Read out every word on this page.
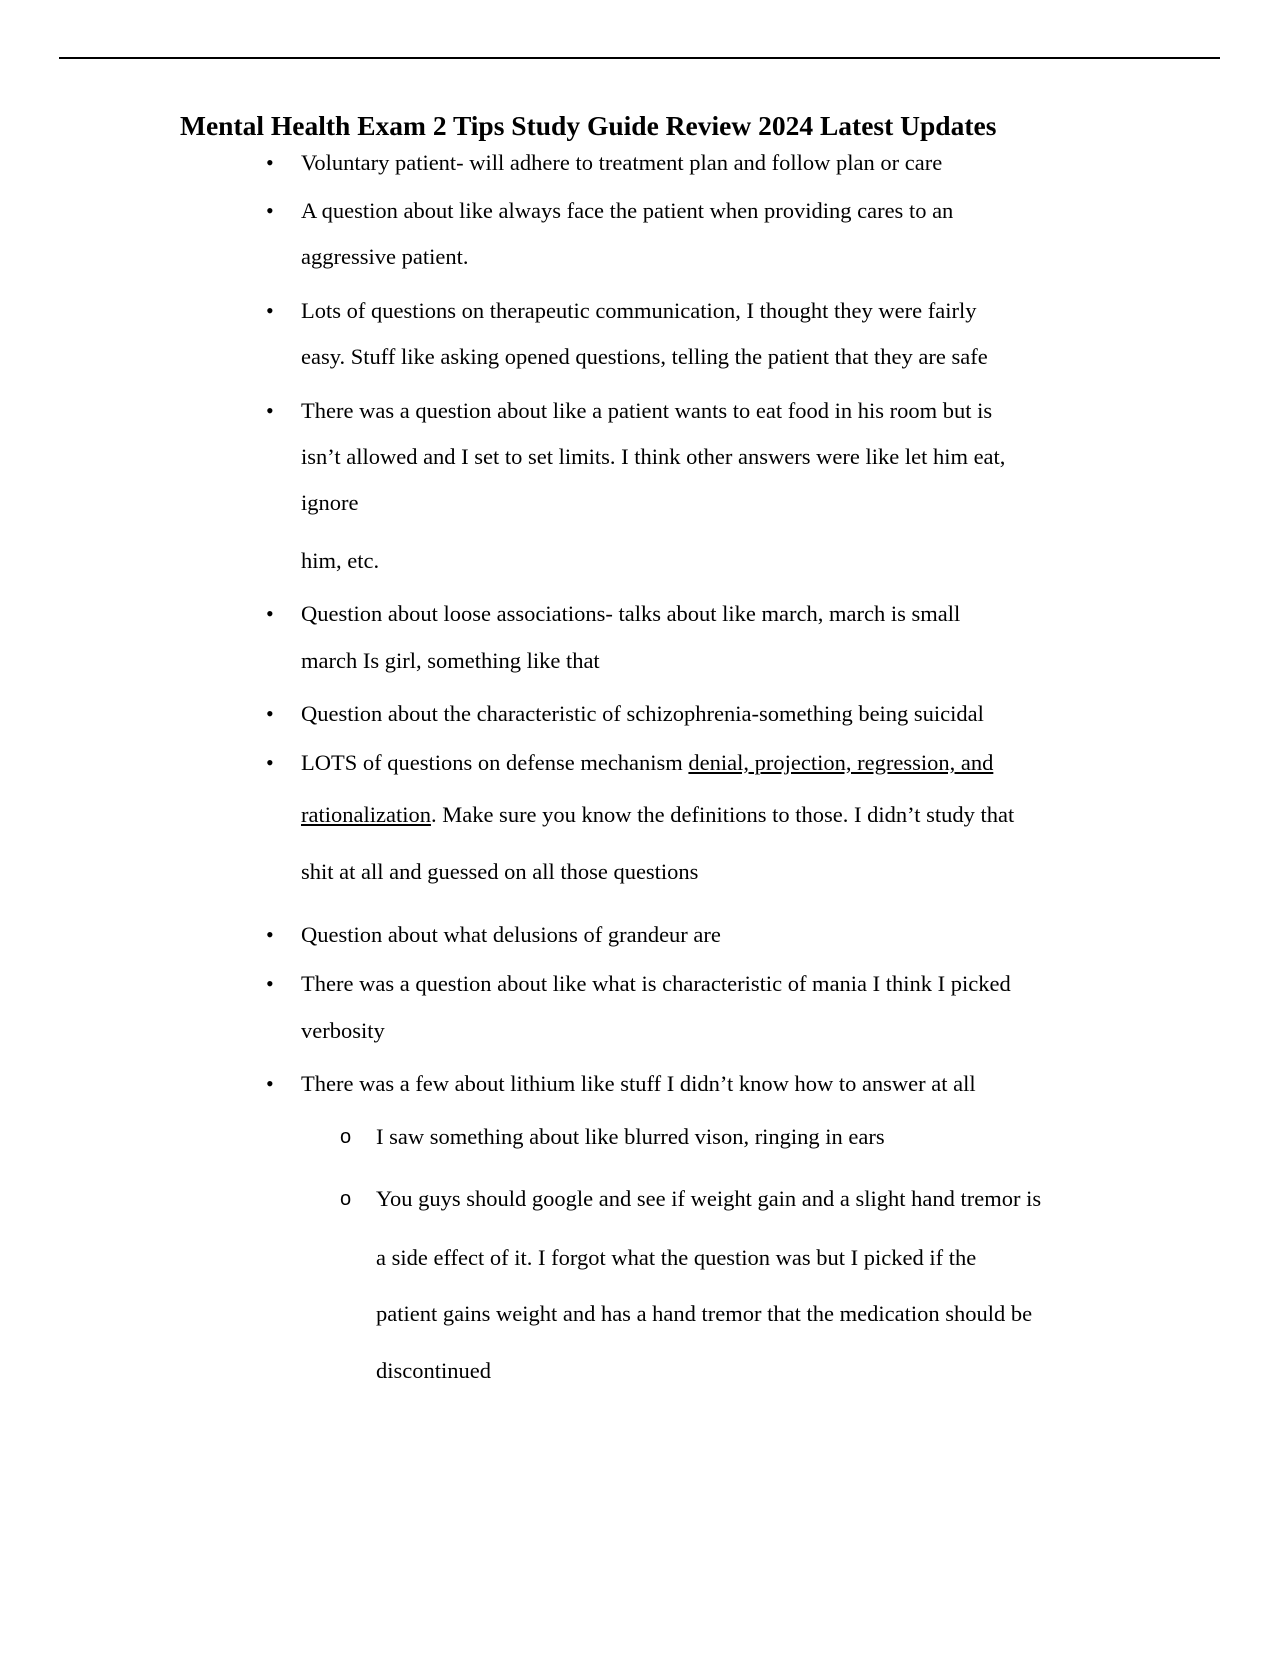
Mental Health Exam 2 Tips Study Guide Review 2024 Latest Updates
• Voluntary patient- will adhere to treatment plan and follow plan or care
• A question about like always face the patient when providing cares to an
aggressive patient.
• Lots of questions on therapeutic communication, I thought they were fairly
easy. Stuff like asking opened questions, telling the patient that they are safe
• There was a question about like a patient wants to eat food in his room but is
isn’t allowed and I set to set limits. I think other answers were like let him eat,
ignore
him, etc.
• Question about loose associations- talks about like march, march is small
march Is girl, something like that
• Question about the characteristic of schizophrenia-something being suicidal
• LOTS of questions on defense mechanism denial, projection, regression, and
rationalization. Make sure you know the definitions to those. I didn’t study that
shit at all and guessed on all those questions
• Question about what delusions of grandeur are
• There was a question about like what is characteristic of mania I think I picked
verbosity
• There was a few about lithium like stuff I didn’t know how to answer at all
o I saw something about like blurred vison, ringing in ears
o You guys should google and see if weight gain and a slight hand tremor is
a side effect of it. I forgot what the question was but I picked if the
patient gains weight and has a hand tremor that the medication should be
discontinued
